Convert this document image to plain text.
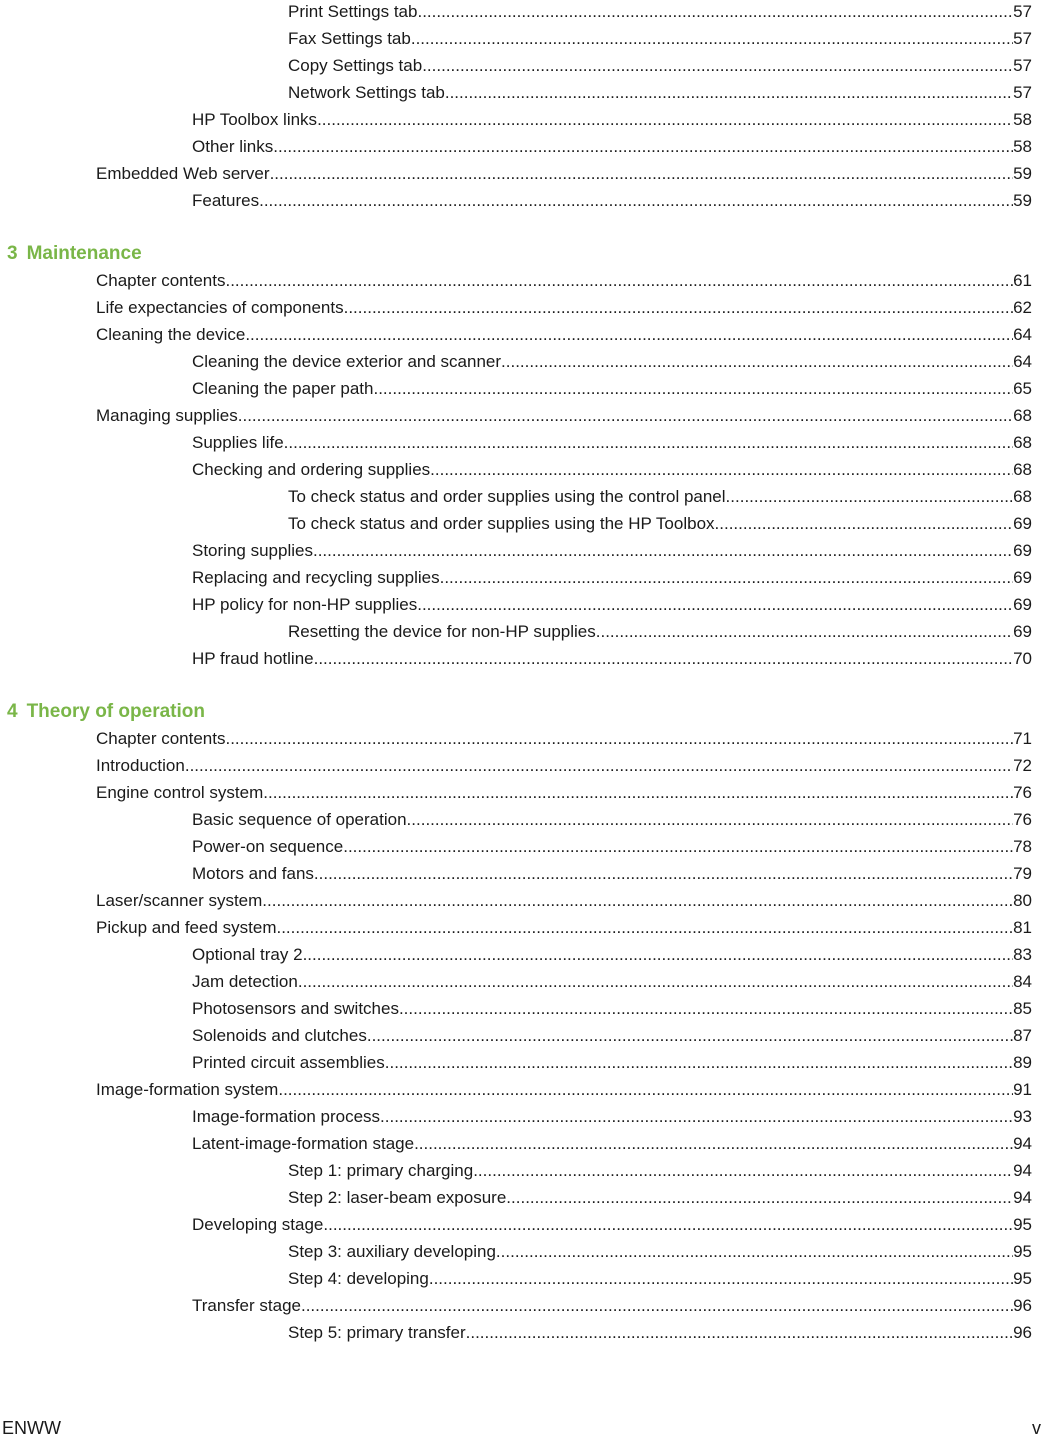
Print Settings tab .....	57
Fax Settings tab .....	57
Copy Settings tab .....	57
Network Settings tab .....	57
HP Toolbox links .....	58
Other links .....	58
Embedded Web server .....	59
Features .....	59
3 Maintenance
Chapter contents .....	61
Life expectancies of components .....	62
Cleaning the device .....	64
Cleaning the device exterior and scanner .....	64
Cleaning the paper path .....	65
Managing supplies .....	68
Supplies life .....	68
Checking and ordering supplies .....	68
To check status and order supplies using the control panel .....	68
To check status and order supplies using the HP Toolbox .....	69
Storing supplies .....	69
Replacing and recycling supplies .....	69
HP policy for non-HP supplies .....	69
Resetting the device for non-HP supplies .....	69
HP fraud hotline .....	70
4 Theory of operation
Chapter contents .....	71
Introduction .....	72
Engine control system .....	76
Basic sequence of operation .....	76
Power-on sequence .....	78
Motors and fans .....	79
Laser/scanner system .....	80
Pickup and feed system .....	81
Optional tray 2 .....	83
Jam detection .....	84
Photosensors and switches .....	85
Solenoids and clutches .....	87
Printed circuit assemblies .....	89
Image-formation system .....	91
Image-formation process .....	93
Latent-image-formation stage .....	94
Step 1: primary charging .....	94
Step 2: laser-beam exposure .....	94
Developing stage .....	95
Step 3: auxiliary developing .....	95
Step 4: developing .....	95
Transfer stage .....	96
Step 5: primary transfer .....	96
ENWW	v
